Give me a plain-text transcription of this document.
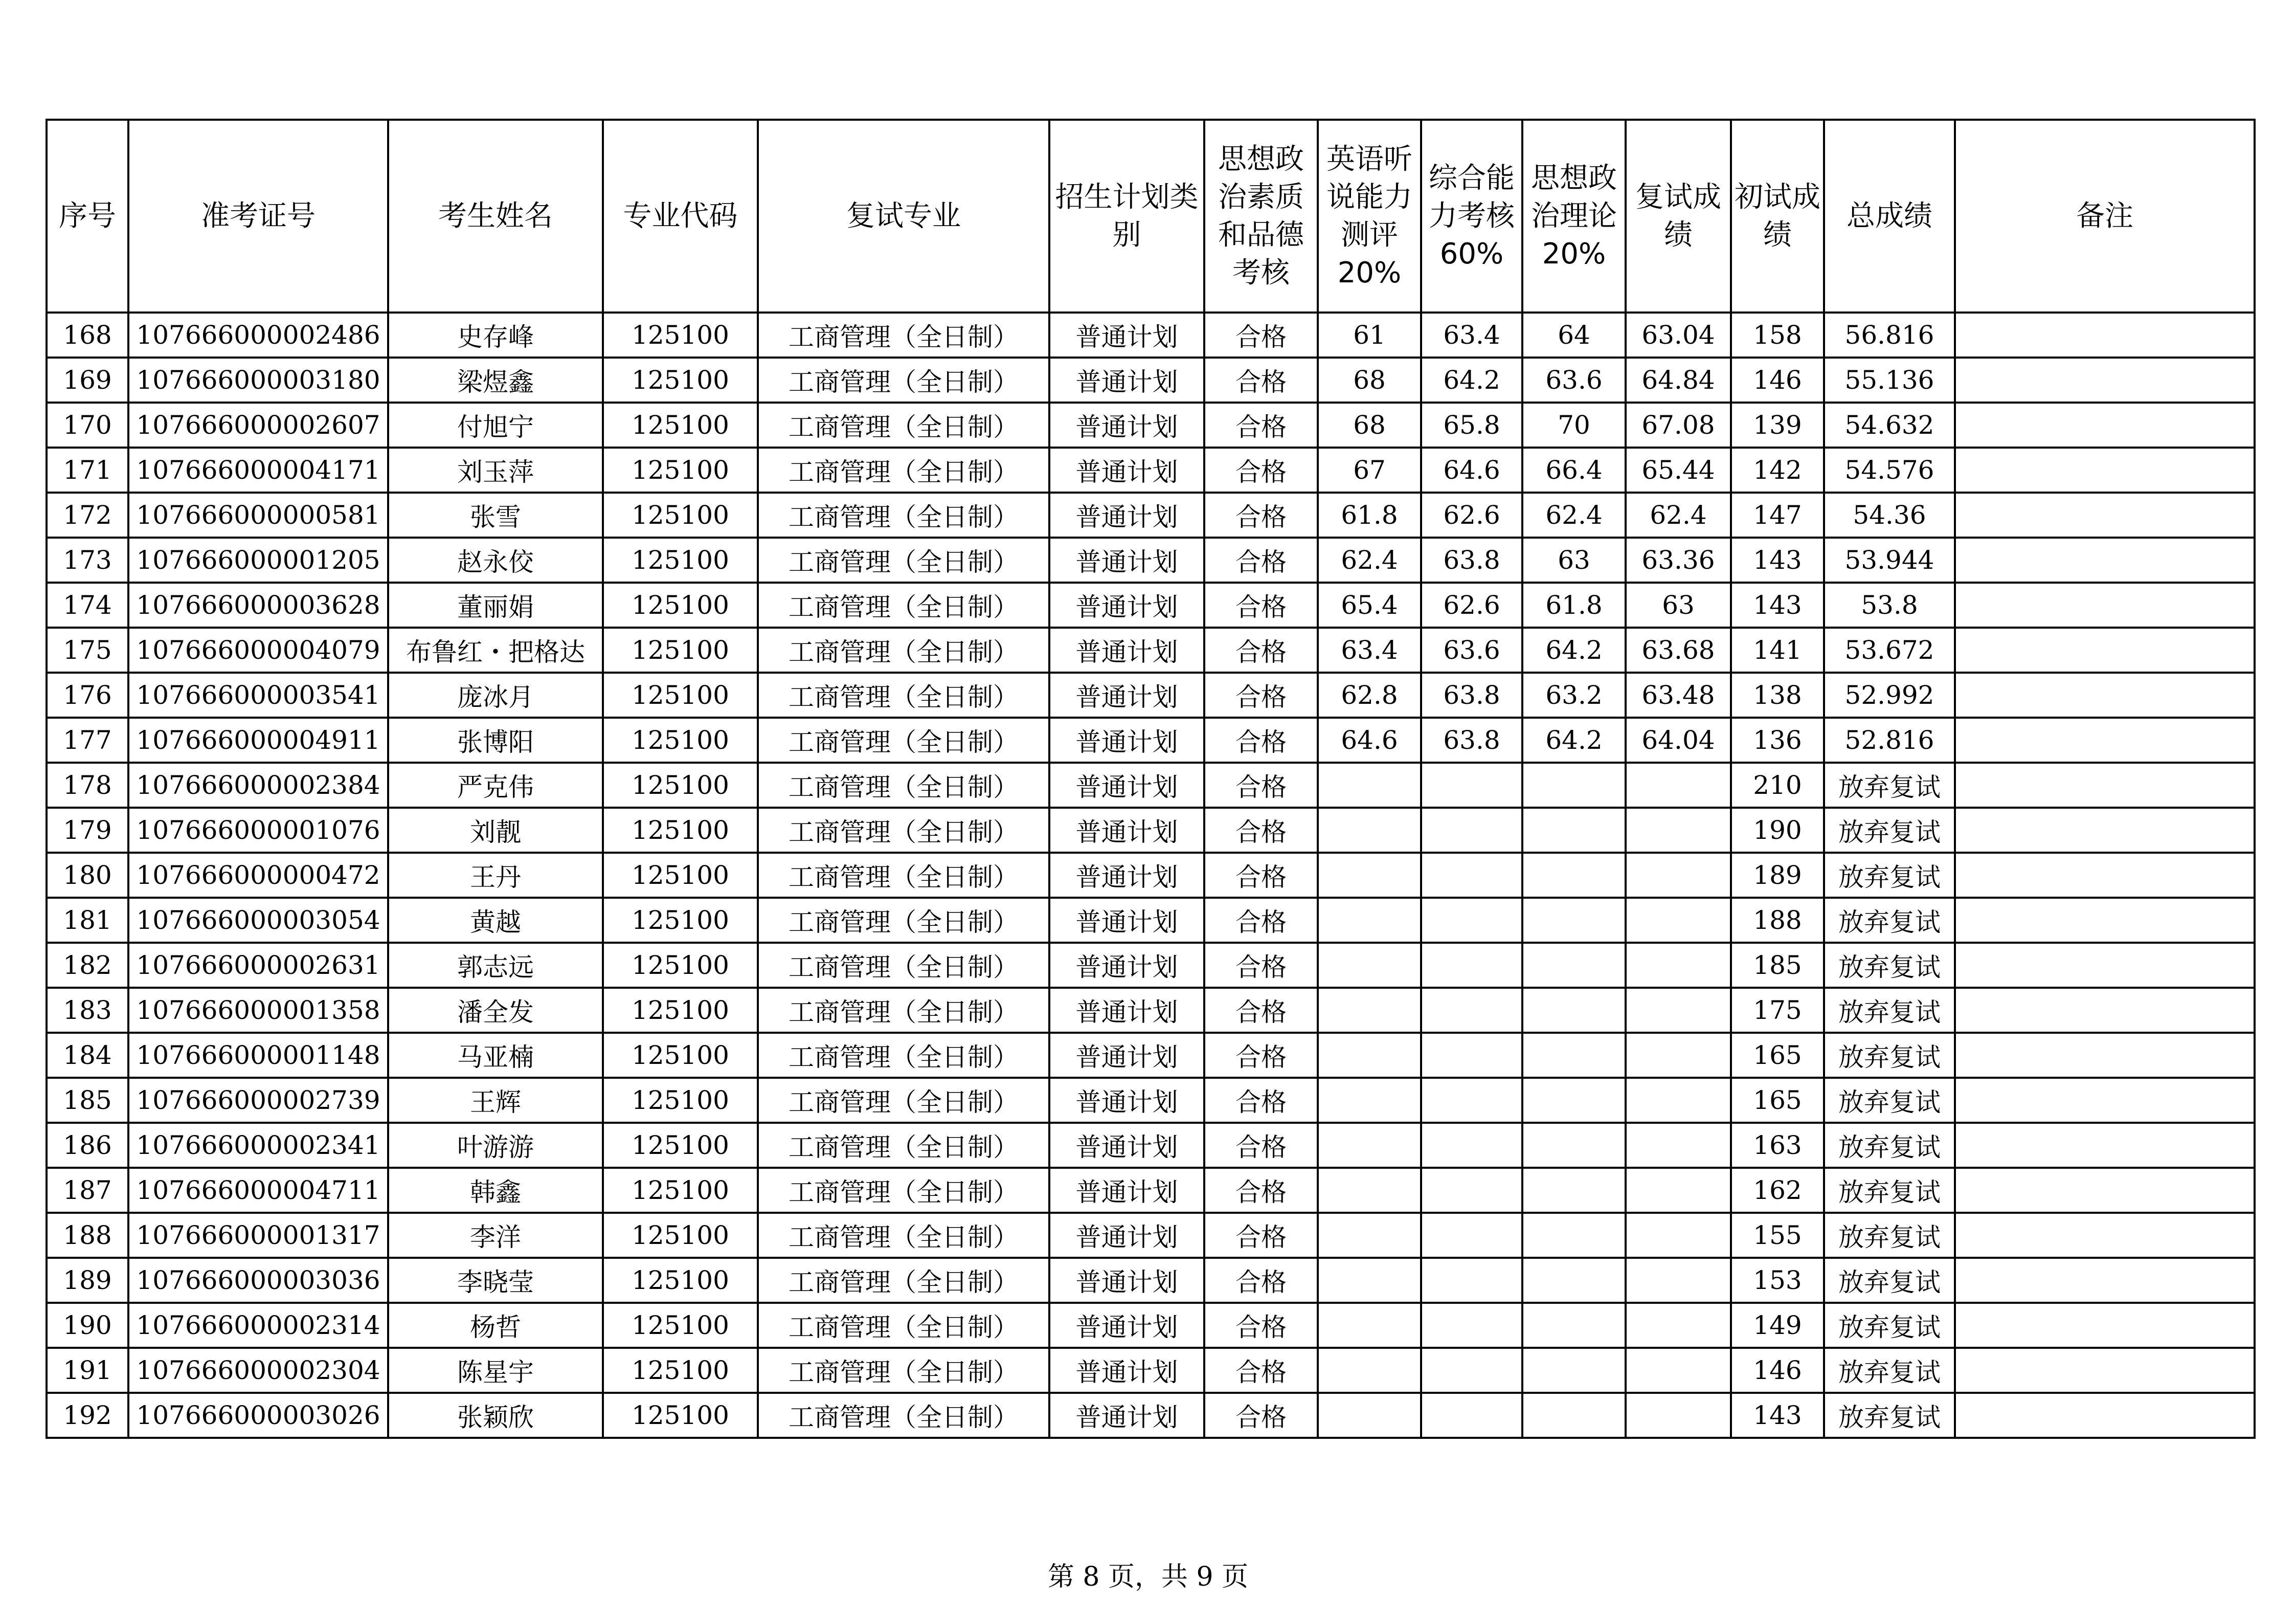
序号	准考证号	考生姓名	专业代码	复试专业	招生计划类别	思想政治素质和品德考核	英语听说能力测评20%	综合能力考核60%	思想政治理论20%	复试成绩	初试成绩	总成绩	备注
168	107666000002486	史存峰	125100	工商管理（全日制）	普通计划	合格	61	63.4	64	63.04	158	56.816	
169	107666000003180	梁煜鑫	125100	工商管理（全日制）	普通计划	合格	68	64.2	63.6	64.84	146	55.136	
170	107666000002607	付旭宁	125100	工商管理（全日制）	普通计划	合格	68	65.8	70	67.08	139	54.632	
171	107666000004171	刘玉萍	125100	工商管理（全日制）	普通计划	合格	67	64.6	66.4	65.44	142	54.576	
172	107666000000581	张雪	125100	工商管理（全日制）	普通计划	合格	61.8	62.6	62.4	62.4	147	54.36	
173	107666000001205	赵永佼	125100	工商管理（全日制）	普通计划	合格	62.4	63.8	63	63.36	143	53.944	
174	107666000003628	董丽娟	125100	工商管理（全日制）	普通计划	合格	65.4	62.6	61.8	63	143	53.8	
175	107666000004079	布鲁红・把格达	125100	工商管理（全日制）	普通计划	合格	63.4	63.6	64.2	63.68	141	53.672	
176	107666000003541	庞冰月	125100	工商管理（全日制）	普通计划	合格	62.8	63.8	63.2	63.48	138	52.992	
177	107666000004911	张博阳	125100	工商管理（全日制）	普通计划	合格	64.6	63.8	64.2	64.04	136	52.816	
178	107666000002384	严克伟	125100	工商管理（全日制）	普通计划	合格					210	放弃复试	
179	107666000001076	刘靓	125100	工商管理（全日制）	普通计划	合格					190	放弃复试	
180	107666000000472	王丹	125100	工商管理（全日制）	普通计划	合格					189	放弃复试	
181	107666000003054	黄越	125100	工商管理（全日制）	普通计划	合格					188	放弃复试	
182	107666000002631	郭志远	125100	工商管理（全日制）	普通计划	合格					185	放弃复试	
183	107666000001358	潘全发	125100	工商管理（全日制）	普通计划	合格					175	放弃复试	
184	107666000001148	马亚楠	125100	工商管理（全日制）	普通计划	合格					165	放弃复试	
185	107666000002739	王辉	125100	工商管理（全日制）	普通计划	合格					165	放弃复试	
186	107666000002341	叶游游	125100	工商管理（全日制）	普通计划	合格					163	放弃复试	
187	107666000004711	韩鑫	125100	工商管理（全日制）	普通计划	合格					162	放弃复试	
188	107666000001317	李洋	125100	工商管理（全日制）	普通计划	合格					155	放弃复试	
189	107666000003036	李晓莹	125100	工商管理（全日制）	普通计划	合格					153	放弃复试	
190	107666000002314	杨哲	125100	工商管理（全日制）	普通计划	合格					149	放弃复试	
191	107666000002304	陈星宇	125100	工商管理（全日制）	普通计划	合格					146	放弃复试	
192	107666000003026	张颖欣	125100	工商管理（全日制）	普通计划	合格					143	放弃复试	
第 8 页，共 9 页
